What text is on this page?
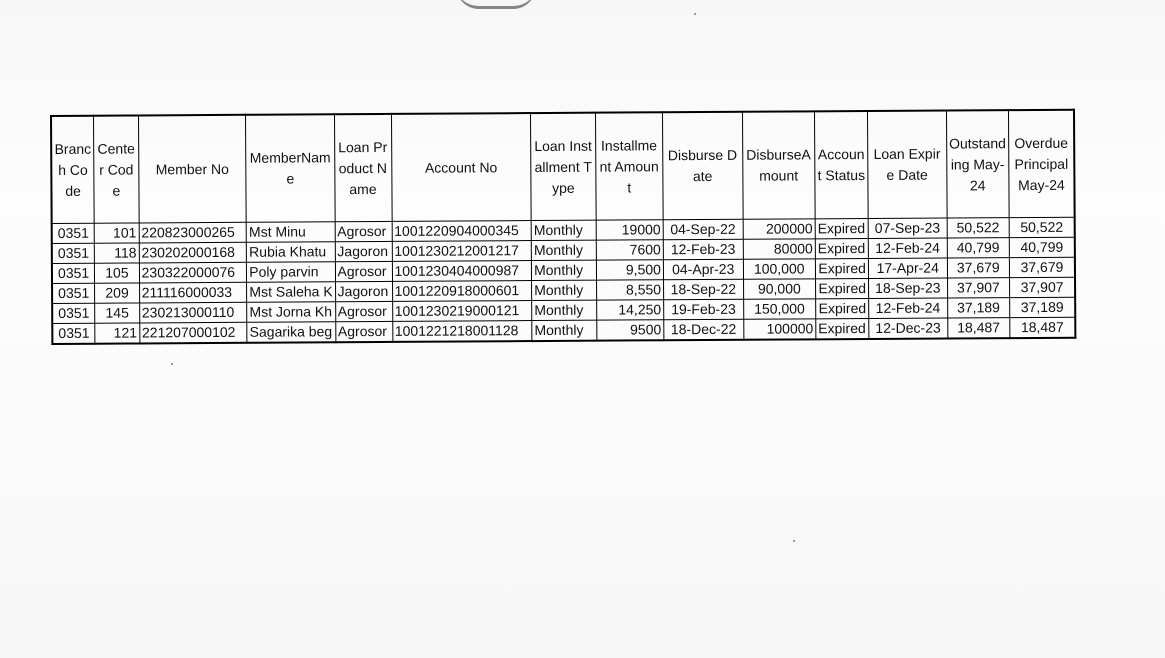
Branch Code	Center Code	Member No	MemberName	Loan Product Name	Account No	Loan Installment Type	Installment Amount	Disburse Date	DisburseAmount	Account Status	Loan Expire Date	Outstanding May-24	Overdue Principal May-24
0351	101	220823000265	Mst Minu	Agrosor	1001220904000345	Monthly	19000	04-Sep-22	200000	Expired	07-Sep-23	50,522	50,522
0351	118	230202000168	Rubia Khatu	Jagoron	1001230212001217	Monthly	7600	12-Feb-23	80000	Expired	12-Feb-24	40,799	40,799
0351	105	230322000076	Poly parvin	Agrosor	1001230404000987	Monthly	9,500	04-Apr-23	100,000	Expired	17-Apr-24	37,679	37,679
0351	209	211116000033	Mst Saleha K	Jagoron	1001220918000601	Monthly	8,550	18-Sep-22	90,000	Expired	18-Sep-23	37,907	37,907
0351	145	230213000110	Mst Jorna Kh	Agrosor	1001230219000121	Monthly	14,250	19-Feb-23	150,000	Expired	12-Feb-24	37,189	37,189
0351	121	221207000102	Sagarika beg	Agrosor	1001221218001128	Monthly	9500	18-Dec-22	100000	Expired	12-Dec-23	18,487	18,487
